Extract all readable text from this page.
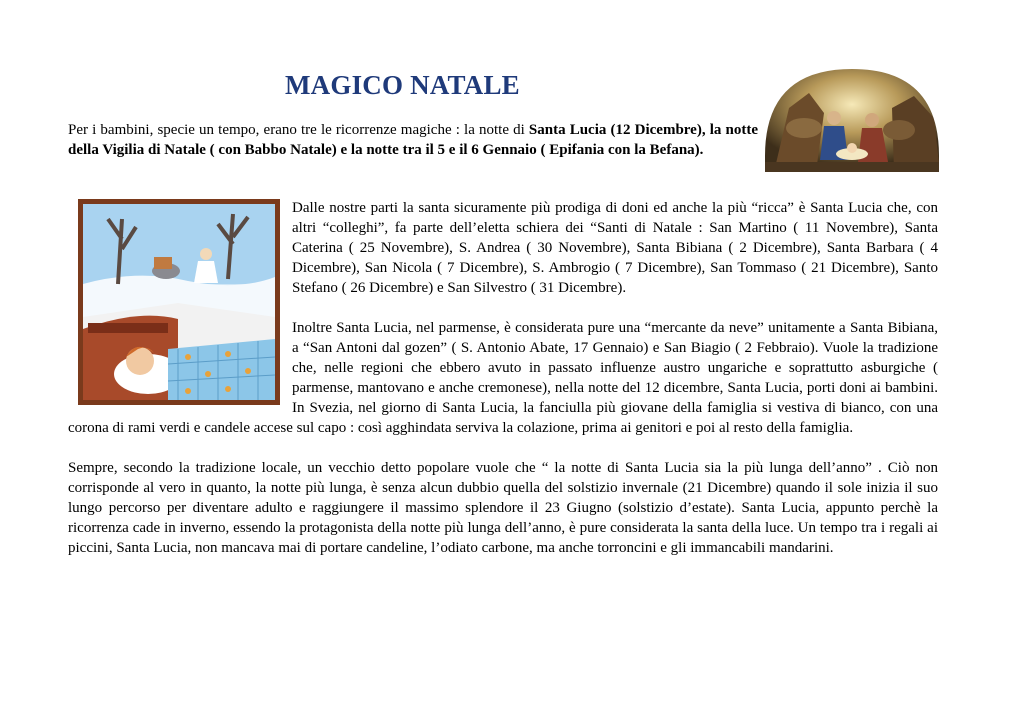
MAGICO NATALE

Per i bambini, specie un tempo, erano tre le ricorrenze magiche : la notte di Santa Lucia (12 Dicembre), la notte della Vigilia di Natale ( con Babbo Natale) e la notte tra il 5 e il 6 Gennaio ( Epifania con la Befana).

Dalle nostre parti la santa sicuramente più prodiga di doni ed anche la più “ricca” è Santa Lucia che, con altri “colleghi”, fa parte dell’eletta schiera dei “Santi di Natale : San Martino ( 11 Novembre), Santa Caterina ( 25 Novembre), S. Andrea ( 30 Novembre), Santa Bibiana ( 2 Dicembre), Santa Barbara ( 4 Dicembre), San Nicola ( 7 Dicembre), S. Ambrogio ( 7 Dicembre), San Tommaso ( 21 Dicembre), Santo Stefano ( 26 Dicembre) e San Silvestro ( 31 Dicembre).

Inoltre Santa Lucia, nel parmense, è considerata pure una “mercante da neve” unitamente a Santa Bibiana, a “San Antoni dal gozen” ( S. Antonio Abate, 17 Gennaio) e San Biagio ( 2 Febbraio). Vuole la tradizione che, nelle regioni che ebbero avuto in passato influenze austro ungariche e soprattutto asburgiche ( parmense, mantovano e anche cremonese), nella notte del 12 dicembre, Santa Lucia, porti doni ai bambini. In Svezia, nel giorno di Santa Lucia, la fanciulla più giovane della famiglia si vestiva di bianco, con una corona di rami verdi e candele accese sul capo : così agghindata serviva la colazione, prima ai genitori e poi al resto della famiglia.

Sempre, secondo la tradizione locale, un vecchio detto popolare vuole che “ la notte di Santa Lucia sia la più lunga dell’anno” . Ciò non corrisponde al vero in quanto, la notte più lunga, è senza alcun dubbio quella del solstizio invernale (21 Dicembre) quando il sole inizia il suo lungo percorso per diventare adulto e raggiungere il massimo splendore il 23 Giugno (solstizio d’estate). Santa Lucia, appunto perchè la ricorrenza cade in inverno, essendo la protagonista della notte più lunga dell’anno, è pure considerata la santa della luce. Un tempo tra i regali ai piccini, Santa Lucia, non mancava mai di portare candeline, l’odiato carbone, ma anche torroncini e gli immancabili mandarini.
